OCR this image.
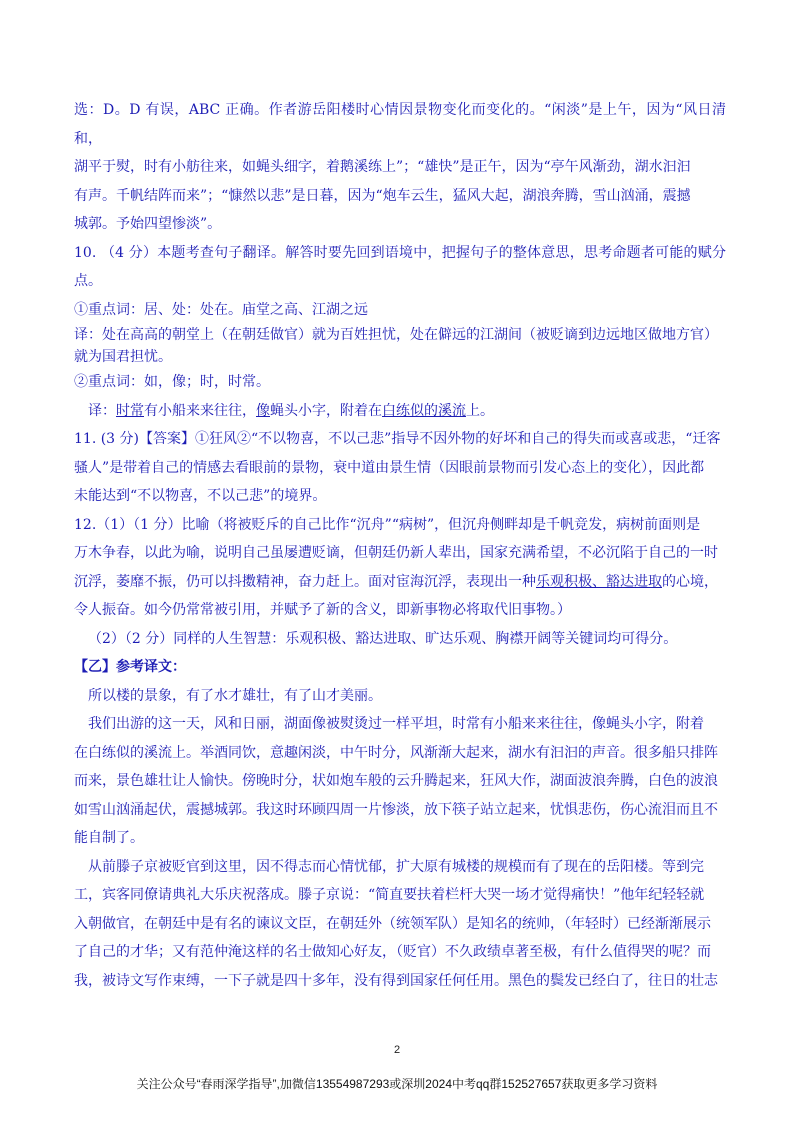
选：D。D 有误，ABC 正确。作者游岳阳楼时心情因景物变化而变化的。“闲淡”是上午，因为“风日清和，

湖平于熨，时有小舫往来，如蝇头细字，着鹅溪练上”；“雄快”是正午，因为“亭午风渐劲，湖水汩汩

有声。千帆结阵而来”；“慷然以悲”是日暮，因为“炮车云生，猛风大起，湖浪奔腾，雪山汹涌，震撼

城郭。予始四望惨淡”。

10. （4 分）本题考查句子翻译。解答时要先回到语境中，把握句子的整体意思，思考命题者可能的赋分点。

①重点词：居、处：处在。庙堂之高、江湖之远

译：处在高高的朝堂上（在朝廷做官）就为百姓担忧，处在僻远的江湖间（被贬谪到边远地区做地方官）

就为国君担忧。

②重点词：如，像；时，时常。

译：时常有小船来来往往，像蝇头小字，附着在白练似的溪流上。

11. (3 分)【答案】①狂风②“不以物喜，不以己悲”指导不因外物的好坏和自己的得失而或喜或悲，“迁客

骚人”是带着自己的情感去看眼前的景物，衰中道由景生情（因眼前景物而引发心态上的变化），因此都

未能达到“不以物喜，不以己悲”的境界。

12.（1）（1 分）比喻（将被贬斥的自己比作“沉舟”“病树”，但沉舟侧畔却是千帆竞发，病树前面则是

万木争春，以此为喻，说明自己虽屡遭贬谪，但朝廷仍新人辈出，国家充满希望，不必沉陷于自己的一时

沉浮，萎靡不振，仍可以抖擞精神，奋力赶上。面对宦海沉浮，表现出一种乐观积极、豁达进取的心境，

令人振奋。如今仍常常被引用，并赋予了新的含义，即新事物必将取代旧事物。）

（2）（2 分）同样的人生智慧：乐观积极、豁达进取、旷达乐观、胸襟开阔等关键词均可得分。

【乙】参考译文：

所以楼的景象，有了水才雄壮，有了山才美丽。

我们出游的这一天，风和日丽，湖面像被熨烫过一样平坦，时常有小船来来往往，像蝇头小字，附着

在白练似的溪流上。举酒同饮，意趣闲淡，中午时分，风渐渐大起来，湖水有汩汩的声音。很多船只排阵

而来，景色雄壮让人愉快。傍晚时分，状如炮车般的云升腾起来，狂风大作，湖面波浪奔腾，白色的波浪

如雪山汹涌起伏，震撼城郭。我这时环顾四周一片惨淡，放下筷子站立起来，忧惧悲伤，伤心流泪而且不

能自制了。

从前滕子京被贬官到这里，因不得志而心情忧郁，扩大原有城楼的规模而有了现在的岳阳楼。等到完

工，宾客同僚请典礼大乐庆祝落成。滕子京说：“简直要扶着栏杆大哭一场才觉得痛快！”他年纪轻轻就

入朝做官，在朝廷中是有名的谏议文臣，在朝廷外（统领军队）是知名的统帅，（年轻时）已经渐渐展示

了自己的才华；又有范仲淹这样的名士做知心好友，（贬官）不久政绩卓著至极，有什么值得哭的呢？而

我，被诗文写作束缚，一下子就是四十多年，没有得到国家任何任用。黑色的鬓发已经白了，往日的壮志

2
关注公众号“春雨深学指导”,加微信13554987293或深圳2024中考qq群152527657获取更多学习资料
